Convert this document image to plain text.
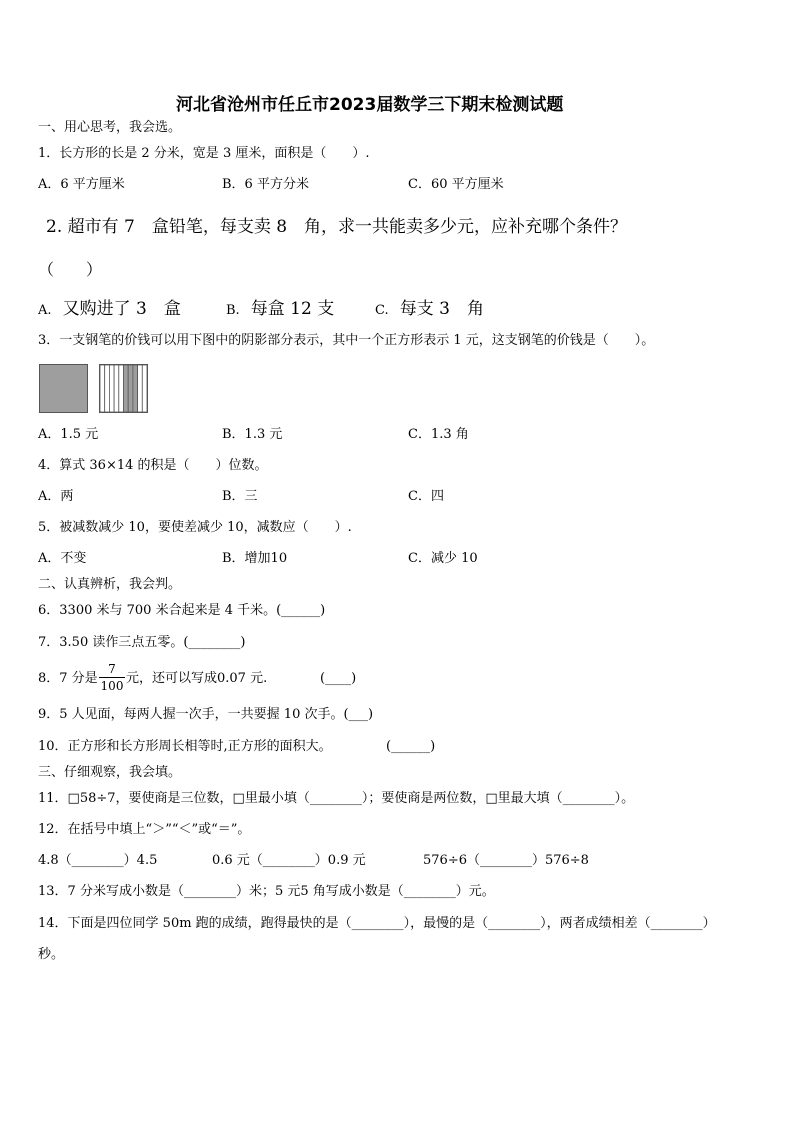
河北省沧州市任丘市2023届数学三下期末检测试题
一、用心思考，我会选。
1．长方形的长是 2 分米，宽是 3 厘米，面积是（　　）.
A．6 平方厘米	B．6 平方分米	C．60 平方厘米
2. 超市有 7　盒铅笔，每支卖 8　角，求一共能卖多少元，应补充哪个条件？
（　　）
A. 又购进了 3　盒	B. 每盒 12 支	C. 每支 3　角
3．一支钢笔的价钱可以用下图中的阴影部分表示，其中一个正方形表示 1 元，这支钢笔的价钱是（　　）。
A．1.5 元	B．1.3 元	C．1.3 角
4．算式 36×14 的积是（　　）位数。
A．两	B．三	C．四
5．被减数减少 10，要使差减少 10，减数应（　　）.
A．不变	B．增加10	C．减少 10
二、认真辨析，我会判。
6．3300 米与 700 米合起来是 4 千米。(______)
7．3.50 读作三点五零。(________)
8．7 分是
7
100 元，还可以写成0.07 元.	(____)
9．5 人见面，每两人握一次手，一共要握 10 次手。(___)
10．正方形和长方形周长相等时,正方形的面积大。	(______)
三、仔细观察，我会填。
11．□58÷7，要使商是三位数，□里最小填（________）；要使商是两位数，□里最大填（________）。
12．在括号中填上“＞”“＜”或“＝”。
4.8（________）4.5	0.6 元（________）0.9 元	576÷6（________）576÷8
13．7 分米写成小数是（________）米；5 元5 角写成小数是（________）元。
14．下面是四位同学 50m 跑的成绩，跑得最快的是（________），最慢的是（________），两者成绩相差（________）
秒。
